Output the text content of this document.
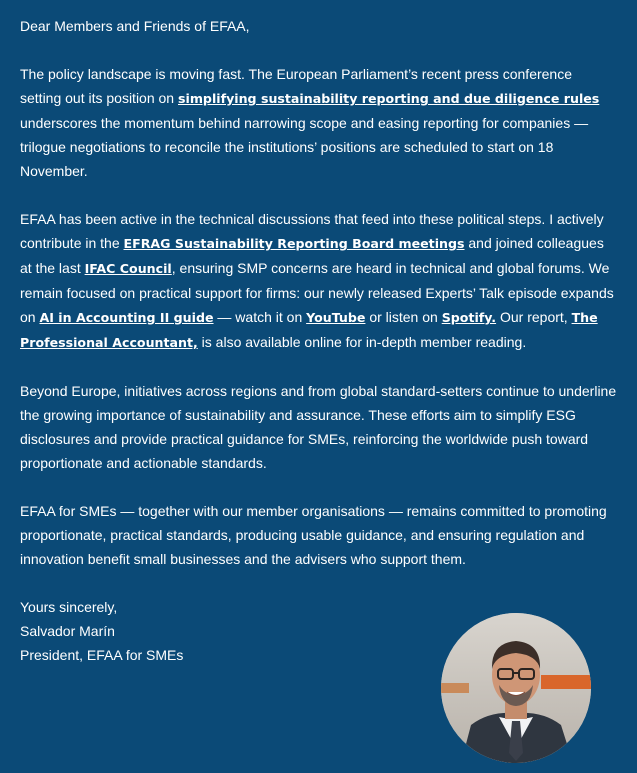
Dear Members and Friends of EFAA,

The policy landscape is moving fast. The European Parliament’s recent press conference setting out its position on simplifying sustainability reporting and due diligence rules underscores the momentum behind narrowing scope and easing reporting for companies — trilogue negotiations to reconcile the institutions’ positions are scheduled to start on 18 November.

EFAA has been active in the technical discussions that feed into these political steps. I actively contribute in the EFRAG Sustainability Reporting Board meetings and joined colleagues at the last IFAC Council, ensuring SMP concerns are heard in technical and global forums. We remain focused on practical support for firms: our newly released Experts’ Talk episode expands on AI in Accounting II guide — watch it on YouTube or listen on Spotify. Our report, The Professional Accountant, is also available online for in-depth member reading.

Beyond Europe, initiatives across regions and from global standard-setters continue to underline the growing importance of sustainability and assurance. These efforts aim to simplify ESG disclosures and provide practical guidance for SMEs, reinforcing the worldwide push toward proportionate and actionable standards.

EFAA for SMEs — together with our member organisations — remains committed to promoting proportionate, practical standards, producing usable guidance, and ensuring regulation and innovation benefit small businesses and the advisers who support them.

Yours sincerely,
Salvador Marín
President, EFAA for SMEs
